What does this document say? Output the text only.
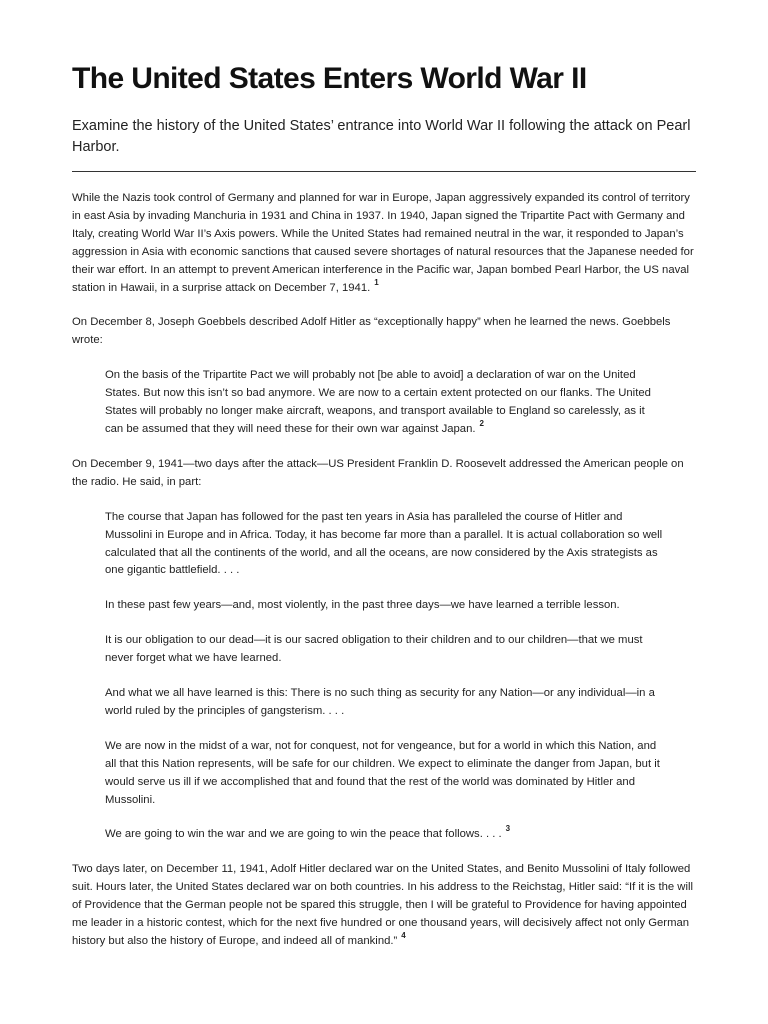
The United States Enters World War II

Examine the history of the United States’ entrance into World War II following the attack on Pearl Harbor.

While the Nazis took control of Germany and planned for war in Europe, Japan aggressively expanded its control of territory in east Asia by invading Manchuria in 1931 and China in 1937. In 1940, Japan signed the Tripartite Pact with Germany and Italy, creating World War II’s Axis powers. While the United States had remained neutral in the war, it responded to Japan’s aggression in Asia with economic sanctions that caused severe shortages of natural resources that the Japanese needed for their war effort. In an attempt to prevent American interference in the Pacific war, Japan bombed Pearl Harbor, the US naval station in Hawaii, in a surprise attack on December 7, 1941. $^1$

On December 8, Joseph Goebbels described Adolf Hitler as “exceptionally happy” when he learned the news. Goebbels wrote:

On the basis of the Tripartite Pact we will probably not [be able to avoid] a declaration of war on the United States. But now this isn’t so bad anymore. We are now to a certain extent protected on our flanks. The United States will probably no longer make aircraft, weapons, and transport available to England so carelessly, as it can be assumed that they will need these for their own war against Japan. $^2$

On December 9, 1941—two days after the attack—US President Franklin D. Roosevelt addressed the American people on the radio. He said, in part:

The course that Japan has followed for the past ten years in Asia has paralleled the course of Hitler and Mussolini in Europe and in Africa. Today, it has become far more than a parallel. It is actual collaboration so well calculated that all the continents of the world, and all the oceans, are now considered by the Axis strategists as one gigantic battlefield. . . .

In these past few years—and, most violently, in the past three days—we have learned a terrible lesson.

It is our obligation to our dead—it is our sacred obligation to their children and to our children—that we must never forget what we have learned.

And what we all have learned is this: There is no such thing as security for any Nation—or any individual—in a world ruled by the principles of gangsterism. . . .

We are now in the midst of a war, not for conquest, not for vengeance, but for a world in which this Nation, and all that this Nation represents, will be safe for our children. We expect to eliminate the danger from Japan, but it would serve us ill if we accomplished that and found that the rest of the world was dominated by Hitler and Mussolini.

We are going to win the war and we are going to win the peace that follows. . . . $^3$

Two days later, on December 11, 1941, Adolf Hitler declared war on the United States, and Benito Mussolini of Italy followed suit. Hours later, the United States declared war on both countries. In his address to the Reichstag, Hitler said: “If it is the will of Providence that the German people not be spared this struggle, then I will be grateful to Providence for having appointed me leader in a historic contest, which for the next five hundred or one thousand years, will decisively affect not only German history but also the history of Europe, and indeed all of mankind.” $^4$
